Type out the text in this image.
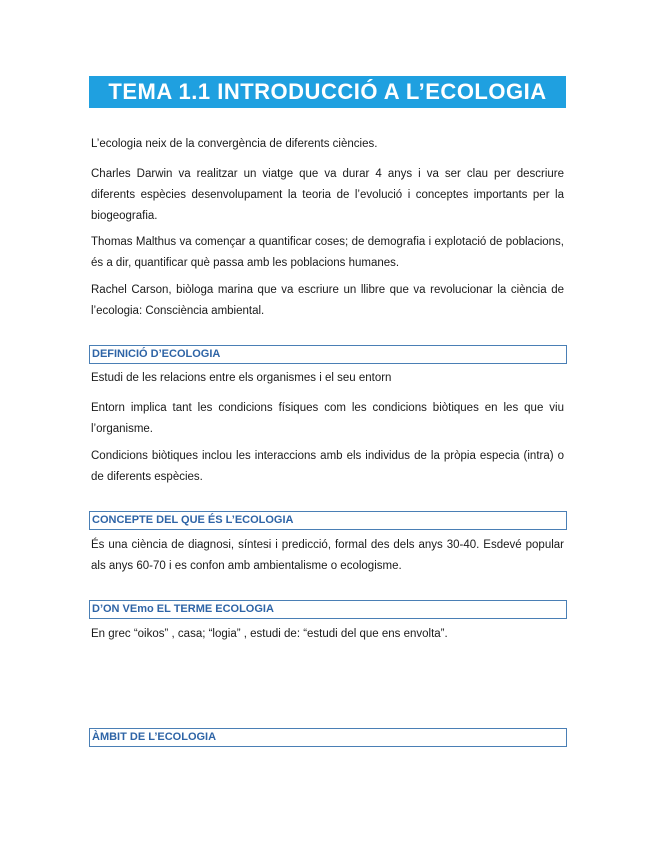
TEMA 1.1 INTRODUCCIÓ A L’ECOLOGIA

L’ecologia neix de la convergència de diferents ciències.

Charles Darwin va realitzar un viatge que va durar 4 anys i va ser clau per descriure diferents espècies desenvolupament la teoria de l’evolució i conceptes importants per la biogeografia.

Thomas Malthus va començar a quantificar coses; de demografia i explotació de poblacions, és a dir, quantificar què passa amb les poblacions humanes.

Rachel Carson, biòloga marina que va escriure un llibre que va revolucionar la ciència de l’ecologia: Consciència ambiental.

DEFINICIÓ D’ECOLOGIA

Estudi de les relacions entre els organismes i el seu entorn

Entorn implica tant les condicions físiques com les condicions biòtiques en les que viu l’organisme.

Condicions biòtiques inclou les interaccions amb els individus de la pròpia especia (intra) o de diferents espècies.

CONCEPTE DEL QUE ÉS L’ECOLOGIA

És una ciència de diagnosi, síntesi i predicció, formal des dels anys 30-40. Esdevé popular als anys 60-70 i es confon amb ambientalisme o ecologisme.

D’ON VEmo EL TERME ECOLOGIA

En grec “oikos” , casa; “logia” , estudi de: “estudi del que ens envolta”.

ÀMBIT DE L’ECOLOGIA
